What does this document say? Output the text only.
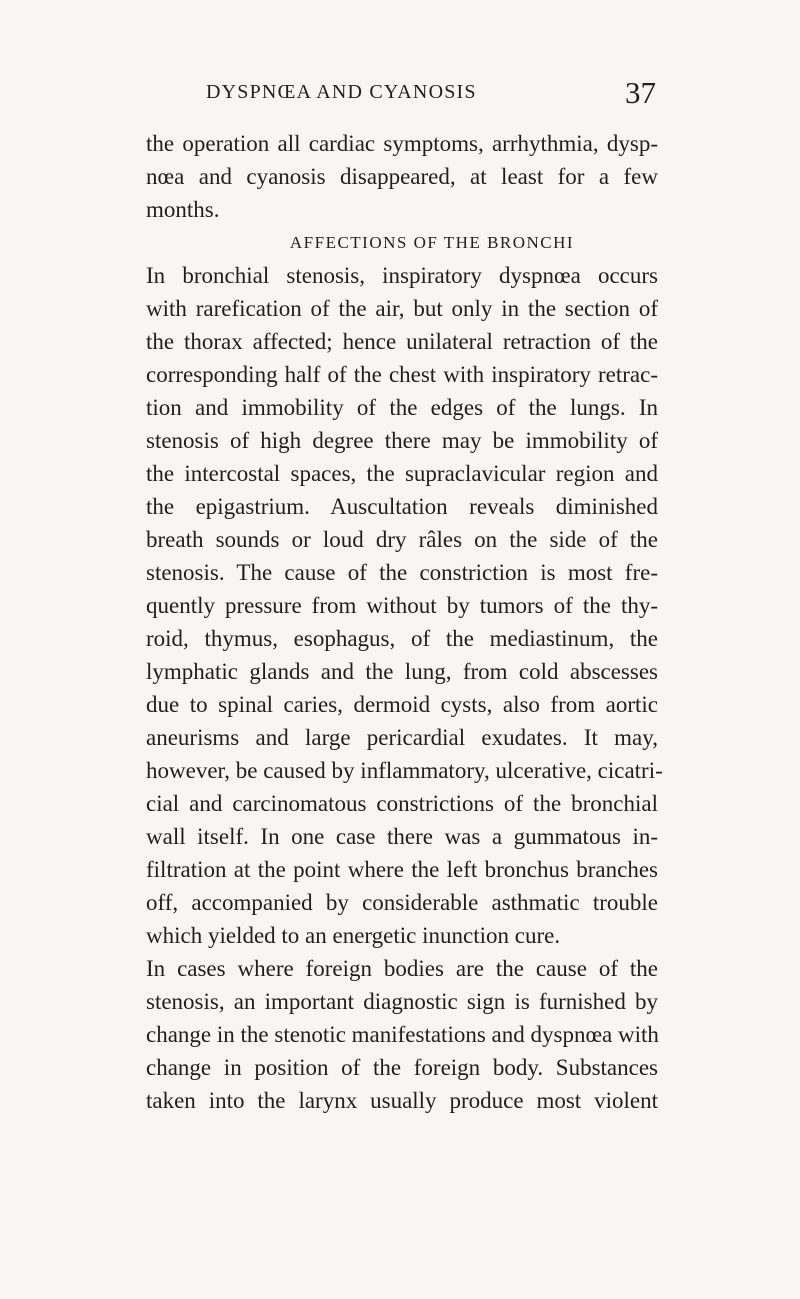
DYSPNŒA AND CYANOSIS	37
the operation all cardiac symptoms, arrhythmia, dysp-
nœa and cyanosis disappeared, at least for a few
months.
AFFECTIONS OF THE BRONCHI
In bronchial stenosis, inspiratory dyspnœa occurs
with rarefication of the air, but only in the section of
the thorax affected; hence unilateral retraction of the
corresponding half of the chest with inspiratory retrac-
tion and immobility of the edges of the lungs. In
stenosis of high degree there may be immobility of
the intercostal spaces, the supraclavicular region and
the epigastrium. Auscultation reveals diminished
breath sounds or loud dry râles on the side of the
stenosis. The cause of the constriction is most fre-
quently pressure from without by tumors of the thy-
roid, thymus, esophagus, of the mediastinum, the
lymphatic glands and the lung, from cold abscesses
due to spinal caries, dermoid cysts, also from aortic
aneurisms and large pericardial exudates. It may,
however, be caused by inflammatory, ulcerative, cicatri-
cial and carcinomatous constrictions of the bronchial
wall itself. In one case there was a gummatous in-
filtration at the point where the left bronchus branches
off, accompanied by considerable asthmatic trouble
which yielded to an energetic inunction cure.
In cases where foreign bodies are the cause of the
stenosis, an important diagnostic sign is furnished by
change in the stenotic manifestations and dyspnœa with
change in position of the foreign body. Substances
taken into the larynx usually produce most violent
